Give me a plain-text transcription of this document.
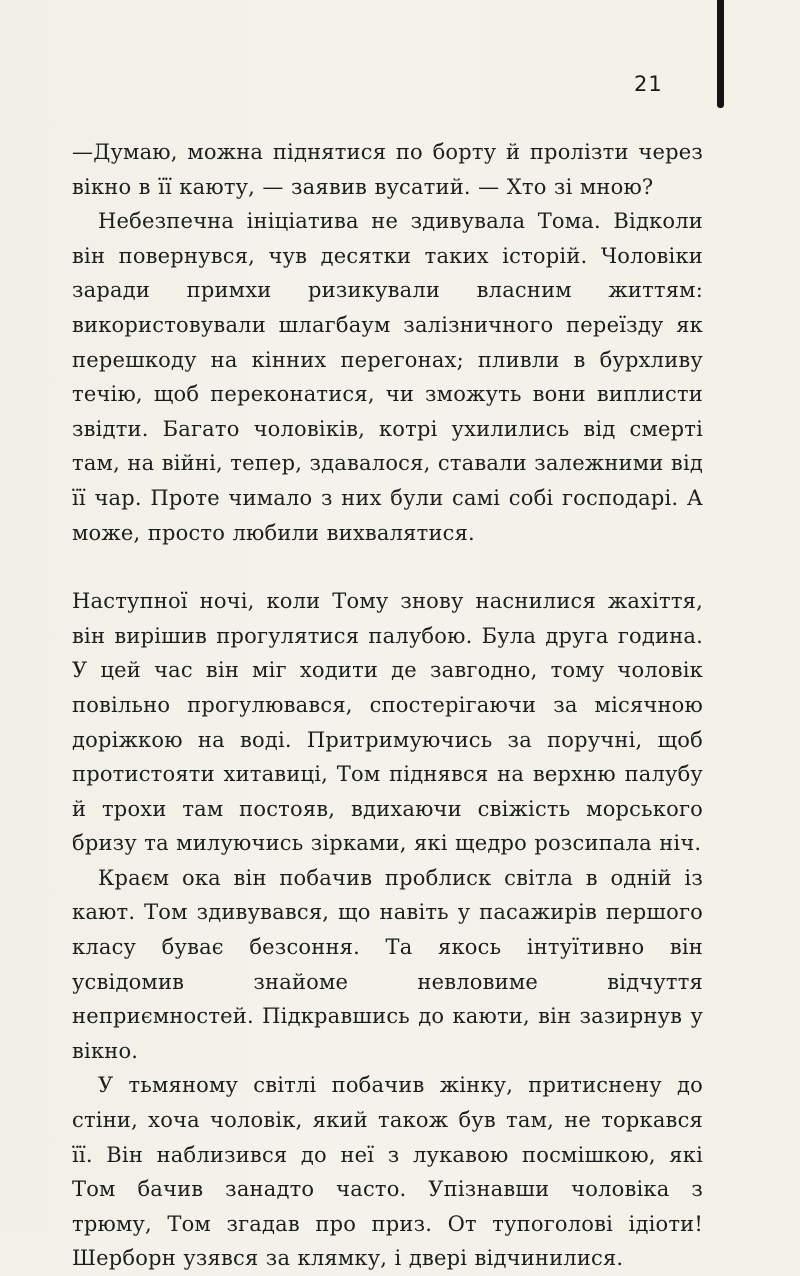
21

—Думаю, можна піднятися по борту й пролізти через вікно в її каюту, — заявив вусатий. — Хто зі мною?

Небезпечна ініціатива не здивувала Тома. Відколи він повернувся, чув десятки таких історій. Чоловіки заради примхи ризикували власним життям: використовували шлагбаум залізничного переїзду як перешкоду на кінних перегонах; пливли в бурхливу течію, щоб переконатися, чи зможуть вони виплисти звідти. Багато чоловіків, котрі ухилились від смерті там, на війні, тепер, здавалося, ставали залежними від її чар. Проте чимало з них були самі собі господарі. А може, просто любили вихвалятися.

Наступної ночі, коли Тому знову наснилися жахіття, він вирішив прогулятися палубою. Була друга година. У цей час він міг ходити де завгодно, тому чоловік повільно прогулювався, спостерігаючи за місячною доріжкою на воді. Притримуючись за поручні, щоб протистояти хитавиці, Том піднявся на верхню палубу й трохи там постояв, вдихаючи свіжість морського бризу та милуючись зірками, які щедро розсипала ніч.

Краєм ока він побачив проблиск світла в одній із кают. Том здивувався, що навіть у пасажирів першого класу буває безсоння. Та якось інтуїтивно він усвідомив знайоме невловиме відчуття неприємностей. Підкравшись до каюти, він зазирнув у вікно.

У тьмяному світлі побачив жінку, притиснену до стіни, хоча чоловік, який також був там, не торкався її. Він наблизився до неї з лукавою посмішкою, які Том бачив занадто часто. Упізнавши чоловіка з трюму, Том згадав про приз. От тупоголові ідіоти! Шерборн узявся за клямку, і двері відчинилися.
